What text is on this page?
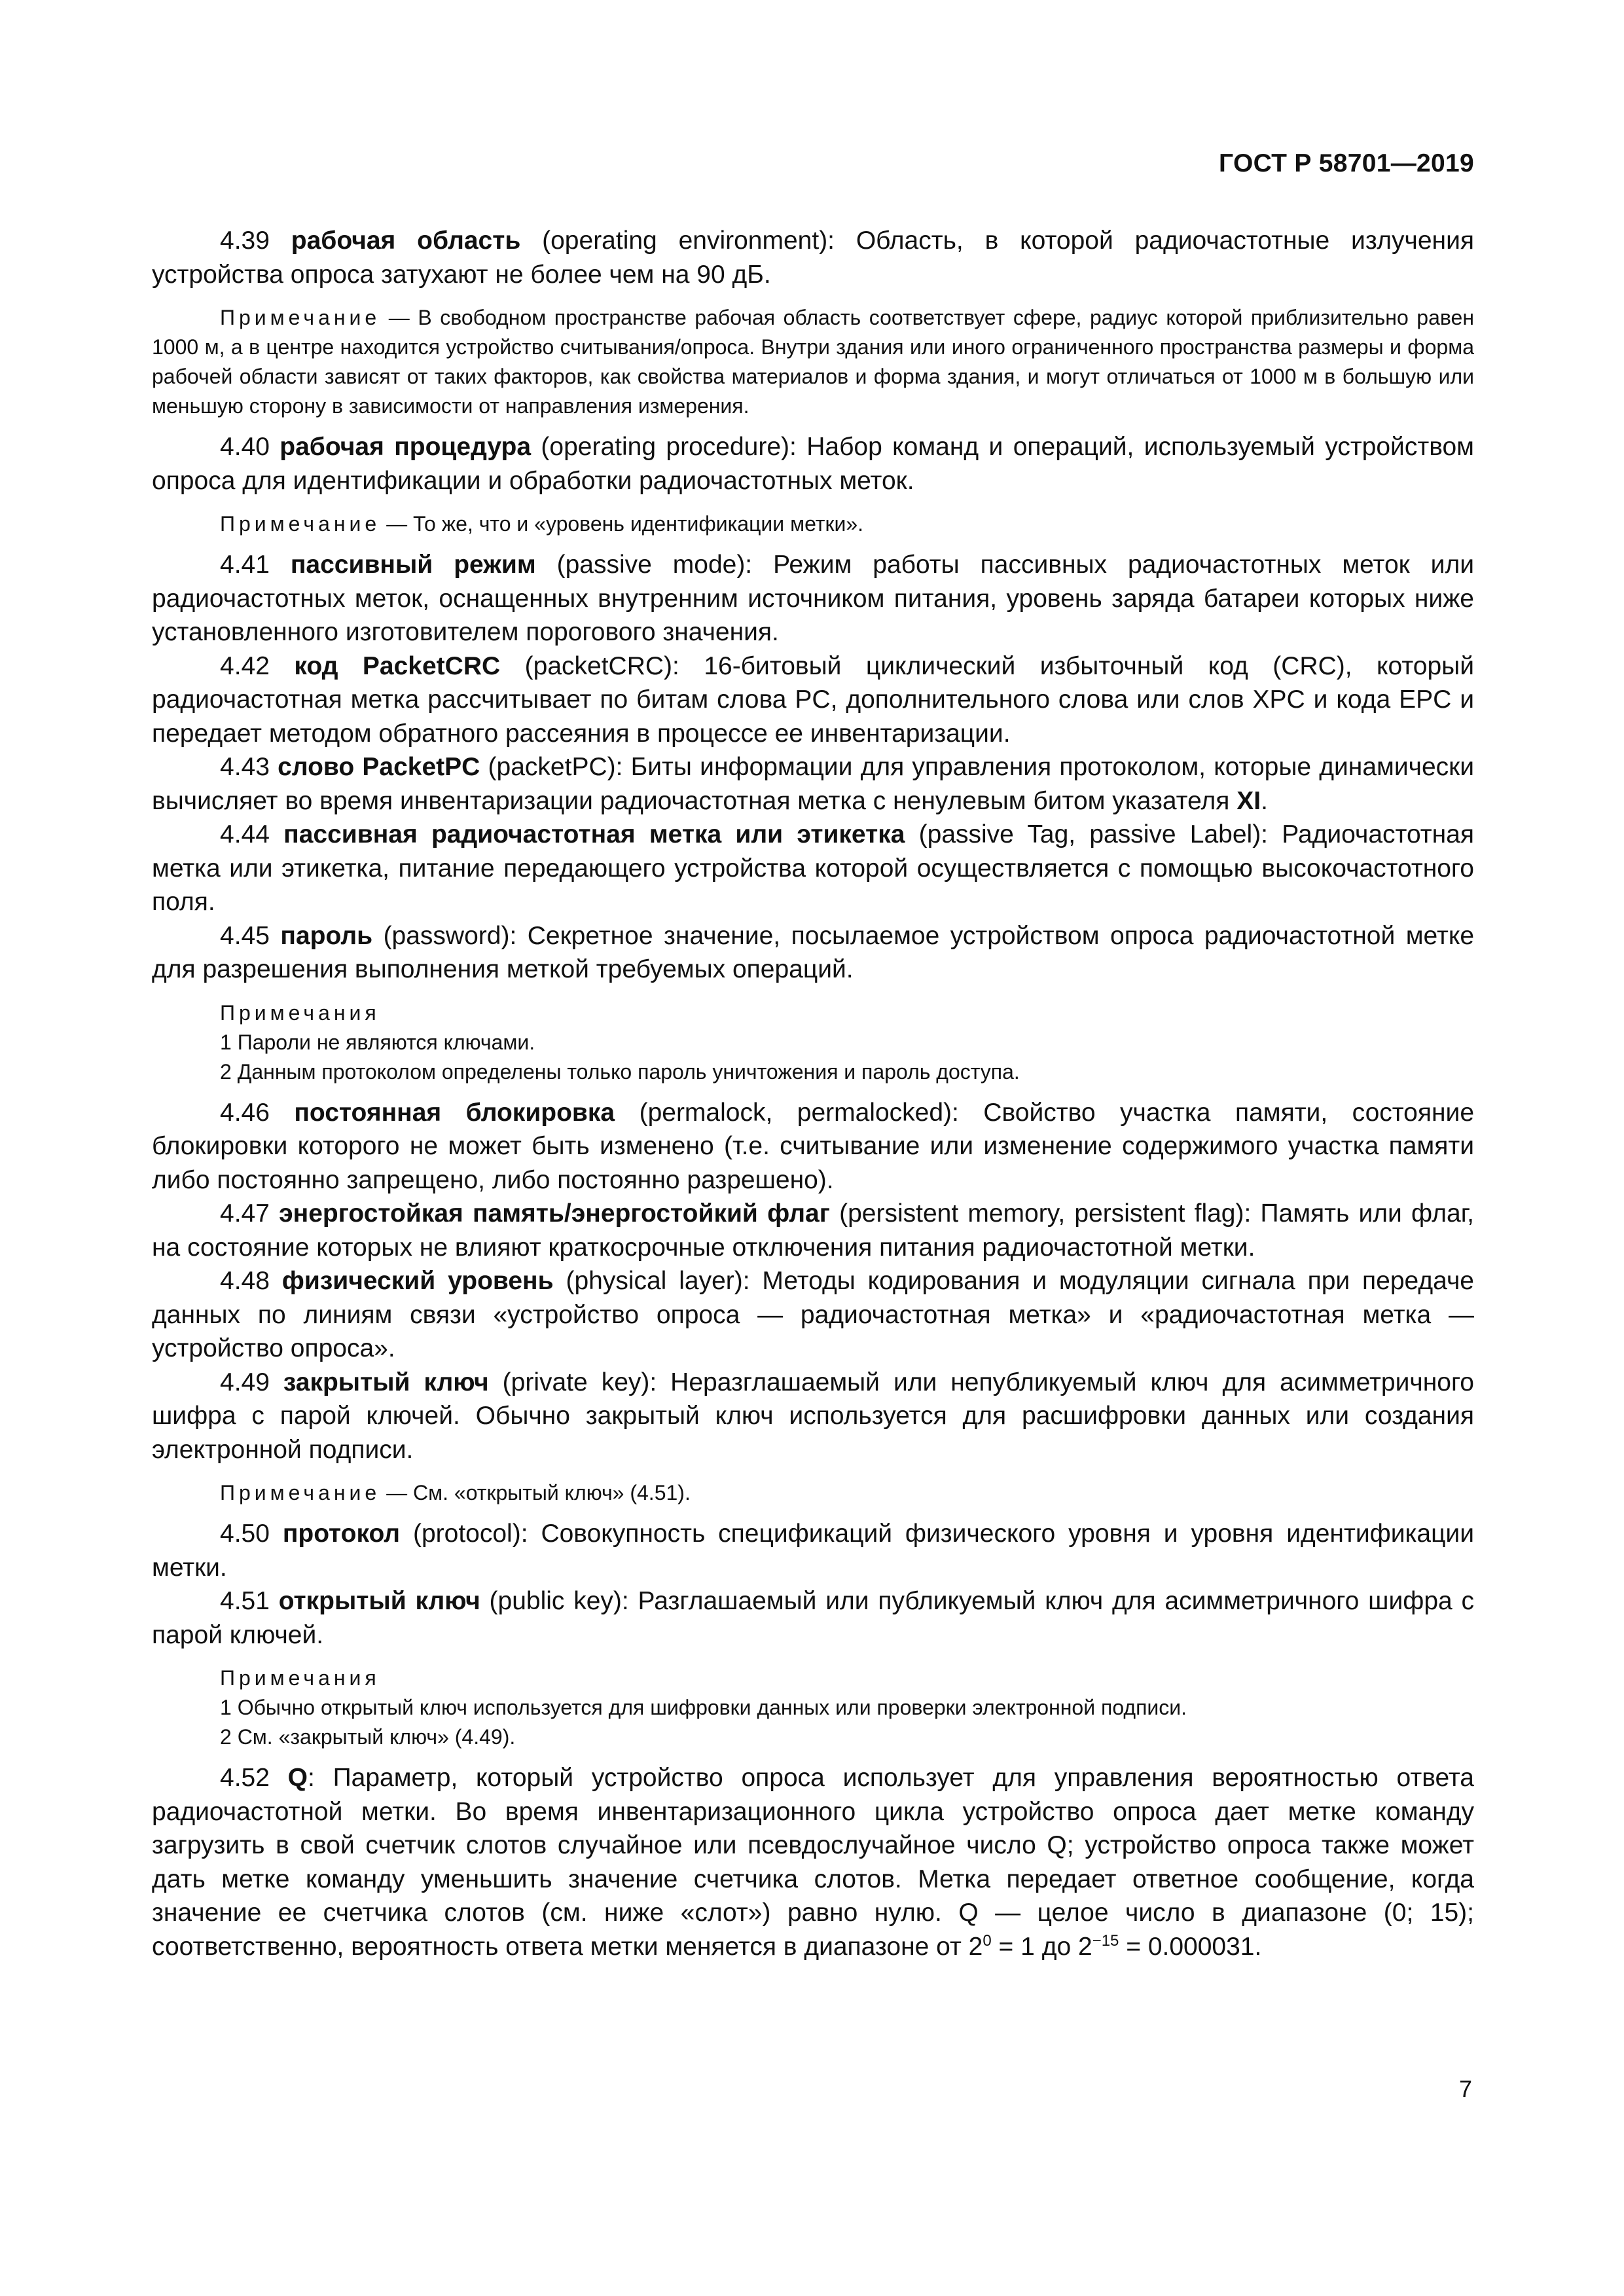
ГОСТ Р 58701—2019

4.39 рабочая область (operating environment): Область, в которой радиочастотные излучения устройства опроса затухают не более чем на 90 дБ.

Примечание — В свободном пространстве рабочая область соответствует сфере, радиус которой приблизительно равен 1000 м, а в центре находится устройство считывания/опроса. Внутри здания или иного ограниченного пространства размеры и форма рабочей области зависят от таких факторов, как свойства материалов и форма здания, и могут отличаться от 1000 м в большую или меньшую сторону в зависимости от направления измерения.

4.40 рабочая процедура (operating procedure): Набор команд и операций, используемый устройством опроса для идентификации и обработки радиочастотных меток.

Примечание — То же, что и «уровень идентификации метки».

4.41 пассивный режим (passive mode): Режим работы пассивных радиочастотных меток или радиочастотных меток, оснащенных внутренним источником питания, уровень заряда батареи которых ниже установленного изготовителем порогового значения.

4.42 код PacketCRC (packetCRC): 16-битовый циклический избыточный код (CRC), который радиочастотная метка рассчитывает по битам слова PC, дополнительного слова или слов XPC и кода EPC и передает методом обратного рассеяния в процессе ее инвентаризации.

4.43 слово PacketPC (packetPC): Биты информации для управления протоколом, которые динамически вычисляет во время инвентаризации радиочастотная метка с ненулевым битом указателя XI.

4.44 пассивная радиочастотная метка или этикетка (passive Tag, passive Label): Радиочастотная метка или этикетка, питание передающего устройства которой осуществляется с помощью высокочастотного поля.

4.45 пароль (password): Секретное значение, посылаемое устройством опроса радиочастотной метке для разрешения выполнения меткой требуемых операций.

Примечания
1 Пароли не являются ключами.
2 Данным протоколом определены только пароль уничтожения и пароль доступа.

4.46 постоянная блокировка (permalock, permalocked): Свойство участка памяти, состояние блокировки которого не может быть изменено (т.е. считывание или изменение содержимого участка памяти либо постоянно запрещено, либо постоянно разрешено).

4.47 энергостойкая память/энергостойкий флаг (persistent memory, persistent flag): Память или флаг, на состояние которых не влияют краткосрочные отключения питания радиочастотной метки.

4.48 физический уровень (physical layer): Методы кодирования и модуляции сигнала при передаче данных по линиям связи «устройство опроса — радиочастотная метка» и «радиочастотная метка — устройство опроса».

4.49 закрытый ключ (private key): Неразглашаемый или непубликуемый ключ для асимметричного шифра с парой ключей. Обычно закрытый ключ используется для расшифровки данных или создания электронной подписи.

Примечание — См. «открытый ключ» (4.51).

4.50 протокол (protocol): Совокупность спецификаций физического уровня и уровня идентификации метки.

4.51 открытый ключ (public key): Разглашаемый или публикуемый ключ для асимметричного шифра с парой ключей.

Примечания
1 Обычно открытый ключ используется для шифровки данных или проверки электронной подписи.
2 См. «закрытый ключ» (4.49).

4.52 Q: Параметр, который устройство опроса использует для управления вероятностью ответа радиочастотной метки. Во время инвентаризационного цикла устройство опроса дает метке команду загрузить в свой счетчик слотов случайное или псевдослучайное число Q; устройство опроса также может дать метке команду уменьшить значение счетчика слотов. Метка передает ответное сообщение, когда значение ее счетчика слотов (см. ниже «слот») равно нулю. Q — целое число в диапазоне (0; 15); соответственно, вероятность ответа метки меняется в диапазоне от $2^0 = 1$ до $2^{-15} = 0.000031$.

7
